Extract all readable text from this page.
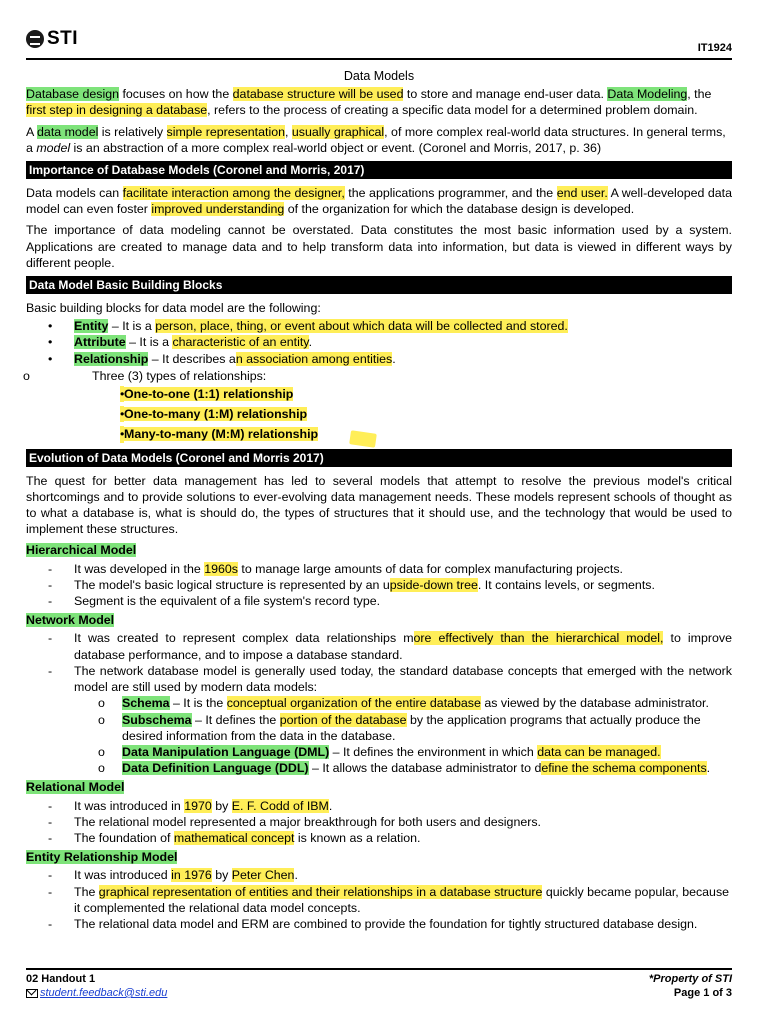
STI	IT1924
Data Models

Database design focuses on how the database structure will be used to store and manage end-user data. Data Modeling, the first step in designing a database, refers to the process of creating a specific data model for a determined problem domain.

A data model is relatively simple representation, usually graphical, of more complex real-world data structures. In general terms, a model is an abstraction of a more complex real-world object or event. (Coronel and Morris, 2017, p. 36)

Importance of Database Models (Coronel and Morris, 2017)

Data models can facilitate interaction among the designer, the applications programmer, and the end user. A well-developed data model can even foster improved understanding of the organization for which the database design is developed.

The importance of data modeling cannot be overstated. Data constitutes the most basic information used by a system. Applications are created to manage data and to help transform data into information, but data is viewed in different ways by different people.

Data Model Basic Building Blocks
Basic building blocks for data model are the following:
• Entity – It is a person, place, thing, or event about which data will be collected and stored.
• Attribute – It is a characteristic of an entity.
• Relationship – It describes an association among entities.
o	Three (3) types of relationships:
• One-to-one (1:1) relationship
• One-to-many (1:M) relationship
• Many-to-many (M:M) relationship
Evolution of Data Models (Coronel and Morris 2017)

The quest for better data management has led to several models that attempt to resolve the previous model's critical shortcomings and to provide solutions to ever-evolving data management needs. These models represent schools of thought as to what a database is, what is should do, the types of structures that it should use, and the technology that would be used to implement these structures.

Hierarchical Model
- It was developed in the 1960s to manage large amounts of data for complex manufacturing projects.
- The model's basic logical structure is represented by an upside-down tree. It contains levels, or segments.
- Segment is the equivalent of a file system's record type.
Network Model
- It was created to represent complex data relationships more effectively than the hierarchical model, to improve database performance, and to impose a database standard.
- The network database model is generally used today, the standard database concepts that emerged with the network model are still used by modern data models:
o Schema – It is the conceptual organization of the entire database as viewed by the database administrator.
o Subschema – It defines the portion of the database by the application programs that actually produce the desired information from the data in the database.
o Data Manipulation Language (DML) – It defines the environment in which data can be managed.
o Data Definition Language (DDL) – It allows the database administrator to define the schema components.
Relational Model
- It was introduced in 1970 by E. F. Codd of IBM.
- The relational model represented a major breakthrough for both users and designers.
- The foundation of mathematical concept is known as a relation.
Entity Relationship Model
- It was introduced in 1976 by Peter Chen.
- The graphical representation of entities and their relationships in a database structure quickly became popular, because it complemented the relational data model concepts.
- The relational data model and ERM are combined to provide the foundation for tightly structured database design.
02 Handout 1
student.feedback@sti.edu
*Property of STI
Page 1 of 3
